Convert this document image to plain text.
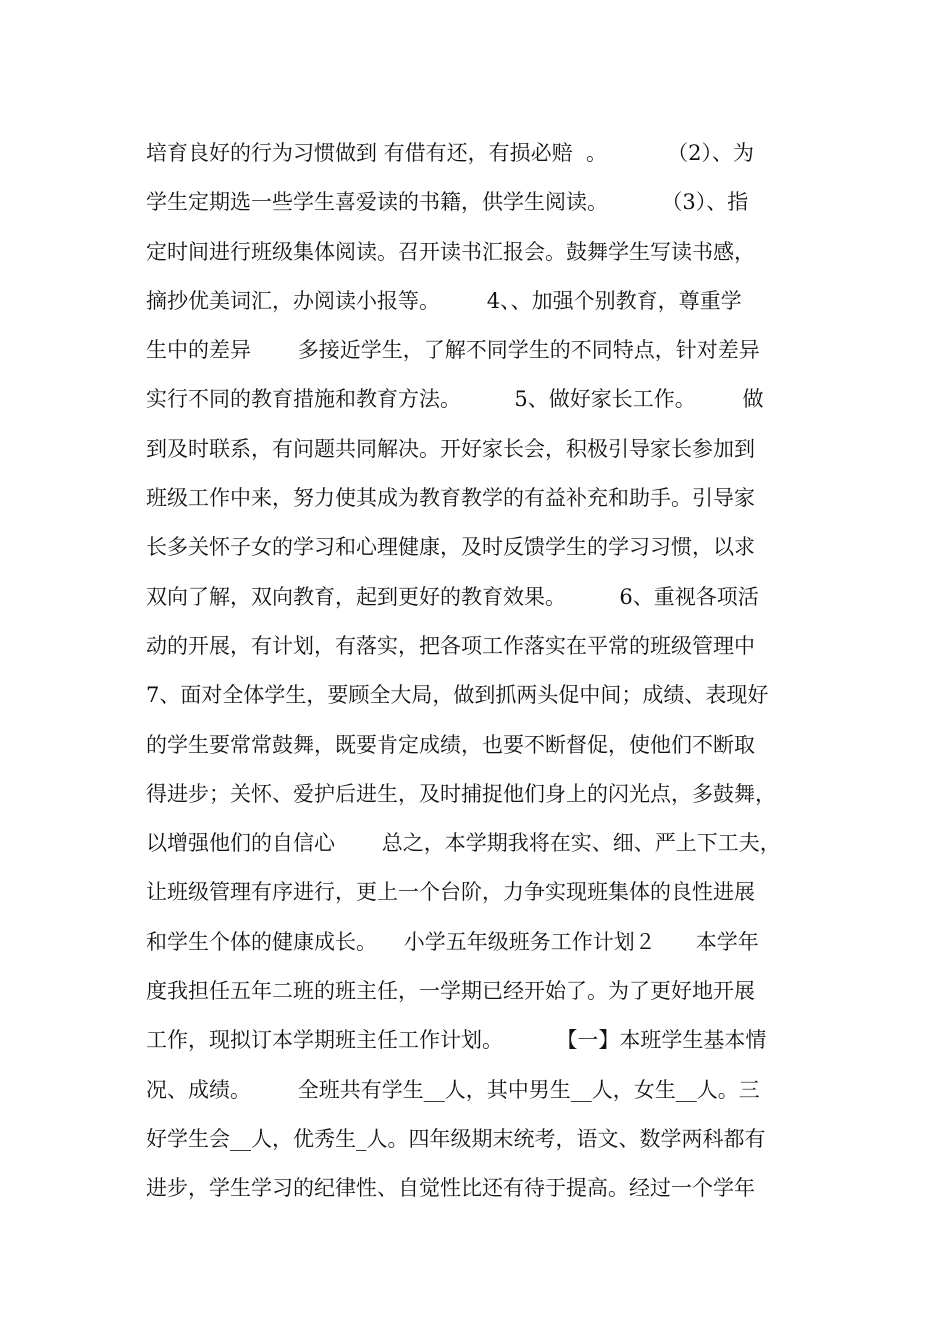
培育良好的行为习惯做到 有借有还，有损必赔  。         （2）、为
学生定期选一些学生喜爱读的书籍，供学生阅读。        （3）、指
定时间进行班级集体阅读。召开读书汇报会。鼓舞学生写读书感，
摘抄优美词汇，办阅读小报等。       4、、加强个别教育，尊重学
生中的差异       多接近学生，了解不同学生的不同特点，针对差异
实行不同的教育措施和教育方法。        5、做好家长工作。       做
到及时联系，有问题共同解决。开好家长会，积极引导家长参加到
班级工作中来，努力使其成为教育教学的有益补充和助手。引导家
长多关怀子女的学习和心理健康，及时反馈学生的学习习惯，以求
双向了解，双向教育，起到更好的教育效果。        6、重视各项活
动的开展，有计划，有落实，把各项工作落实在平常的班级管理中
7、面对全体学生，要顾全大局，做到抓两头促中间；成绩、表现好
的学生要常常鼓舞，既要肯定成绩，也要不断督促，使他们不断取
得进步；关怀、爱护后进生，及时捕捉他们身上的闪光点，多鼓舞，
以增强他们的自信心       总之，本学期我将在实、细、严上下工夫，
让班级管理有序进行，更上一个台阶，力争实现班集体的良性进展
和学生个体的健康成长。    小学五年级班务工作计划２      本学年
度我担任五年二班的班主任，一学期已经开始了。为了更好地开展
工作，现拟订本学期班主任工作计划。        【一】本班学生基本情
况、成绩。       全班共有学生__人，其中男生__人，女生__人。三
好学生会__人，优秀生_人。四年级期末统考，语文、数学两科都有
进步，学生学习的纪律性、自觉性比还有待于提高。经过一个学年
